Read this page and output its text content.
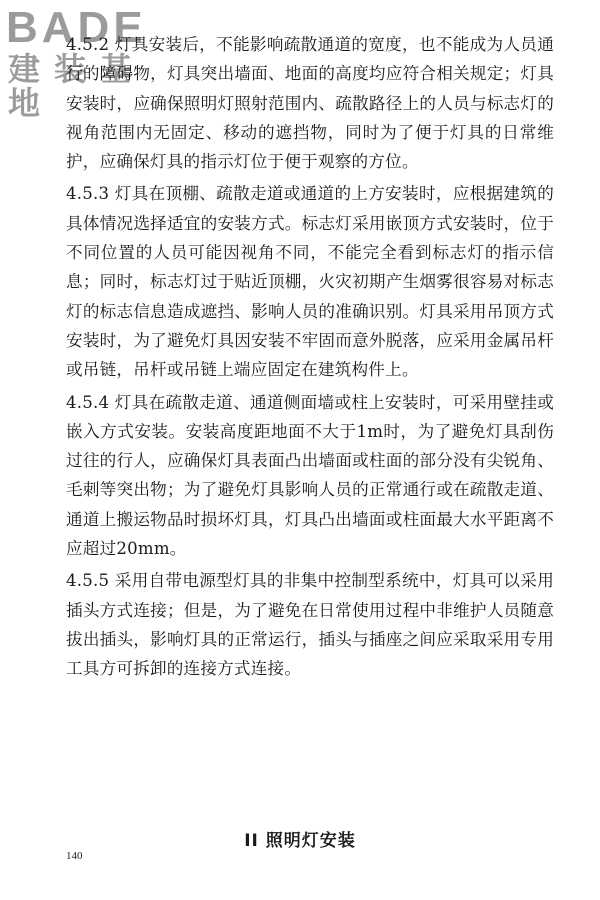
BADE
建装基地

4.5.2 灯具安装后，不能影响疏散通道的宽度，也不能成为人员通行的障碍物，灯具突出墙面、地面的高度均应符合相关规定；灯具安装时，应确保照明灯照射范围内、疏散路径上的人员与标志灯的视角范围内无固定、移动的遮挡物，同时为了便于灯具的日常维护，应确保灯具的指示灯位于便于观察的方位。

4.5.3 灯具在顶棚、疏散走道或通道的上方安装时，应根据建筑的具体情况选择适宜的安装方式。标志灯采用嵌顶方式安装时，位于不同位置的人员可能因视角不同，不能完全看到标志灯的指示信息；同时，标志灯过于贴近顶棚，火灾初期产生烟雾很容易对标志灯的标志信息造成遮挡、影响人员的准确识别。灯具采用吊顶方式安装时，为了避免灯具因安装不牢固而意外脱落，应采用金属吊杆或吊链，吊杆或吊链上端应固定在建筑构件上。

4.5.4 灯具在疏散走道、通道侧面墙或柱上安装时，可采用壁挂或嵌入方式安装。安装高度距地面不大于1m时，为了避免灯具刮伤过往的行人，应确保灯具表面凸出墙面或柱面的部分没有尖锐角、毛刺等突出物；为了避免灯具影响人员的正常通行或在疏散走道、通道上搬运物品时损坏灯具，灯具凸出墙面或柱面最大水平距离不应超过20mm。

4.5.5 采用自带电源型灯具的非集中控制型系统中，灯具可以采用插头方式连接；但是，为了避免在日常使用过程中非维护人员随意拔出插头，影响灯具的正常运行，插头与插座之间应采取采用专用工具方可拆卸的连接方式连接。

II 照明灯安装
140
